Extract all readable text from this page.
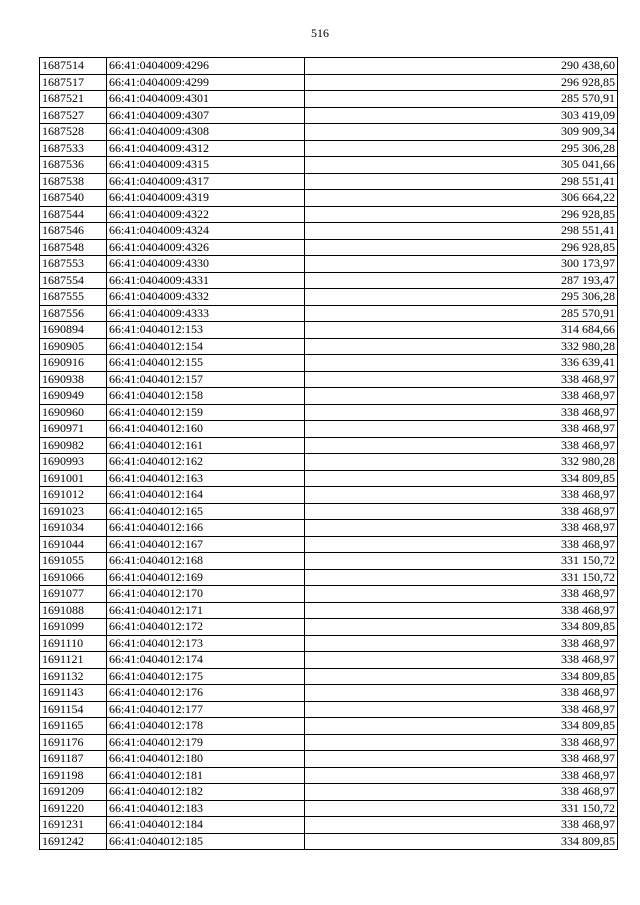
516
1687514	66:41:0404009:4296	290 438,60
1687517	66:41:0404009:4299	296 928,85
1687521	66:41:0404009:4301	285 570,91
1687527	66:41:0404009:4307	303 419,09
1687528	66:41:0404009:4308	309 909,34
1687533	66:41:0404009:4312	295 306,28
1687536	66:41:0404009:4315	305 041,66
1687538	66:41:0404009:4317	298 551,41
1687540	66:41:0404009:4319	306 664,22
1687544	66:41:0404009:4322	296 928,85
1687546	66:41:0404009:4324	298 551,41
1687548	66:41:0404009:4326	296 928,85
1687553	66:41:0404009:4330	300 173,97
1687554	66:41:0404009:4331	287 193,47
1687555	66:41:0404009:4332	295 306,28
1687556	66:41:0404009:4333	285 570,91
1690894	66:41:0404012:153	314 684,66
1690905	66:41:0404012:154	332 980,28
1690916	66:41:0404012:155	336 639,41
1690938	66:41:0404012:157	338 468,97
1690949	66:41:0404012:158	338 468,97
1690960	66:41:0404012:159	338 468,97
1690971	66:41:0404012:160	338 468,97
1690982	66:41:0404012:161	338 468,97
1690993	66:41:0404012:162	332 980,28
1691001	66:41:0404012:163	334 809,85
1691012	66:41:0404012:164	338 468,97
1691023	66:41:0404012:165	338 468,97
1691034	66:41:0404012:166	338 468,97
1691044	66:41:0404012:167	338 468,97
1691055	66:41:0404012:168	331 150,72
1691066	66:41:0404012:169	331 150,72
1691077	66:41:0404012:170	338 468,97
1691088	66:41:0404012:171	338 468,97
1691099	66:41:0404012:172	334 809,85
1691110	66:41:0404012:173	338 468,97
1691121	66:41:0404012:174	338 468,97
1691132	66:41:0404012:175	334 809,85
1691143	66:41:0404012:176	338 468,97
1691154	66:41:0404012:177	338 468,97
1691165	66:41:0404012:178	334 809,85
1691176	66:41:0404012:179	338 468,97
1691187	66:41:0404012:180	338 468,97
1691198	66:41:0404012:181	338 468,97
1691209	66:41:0404012:182	338 468,97
1691220	66:41:0404012:183	331 150,72
1691231	66:41:0404012:184	338 468,97
1691242	66:41:0404012:185	334 809,85
